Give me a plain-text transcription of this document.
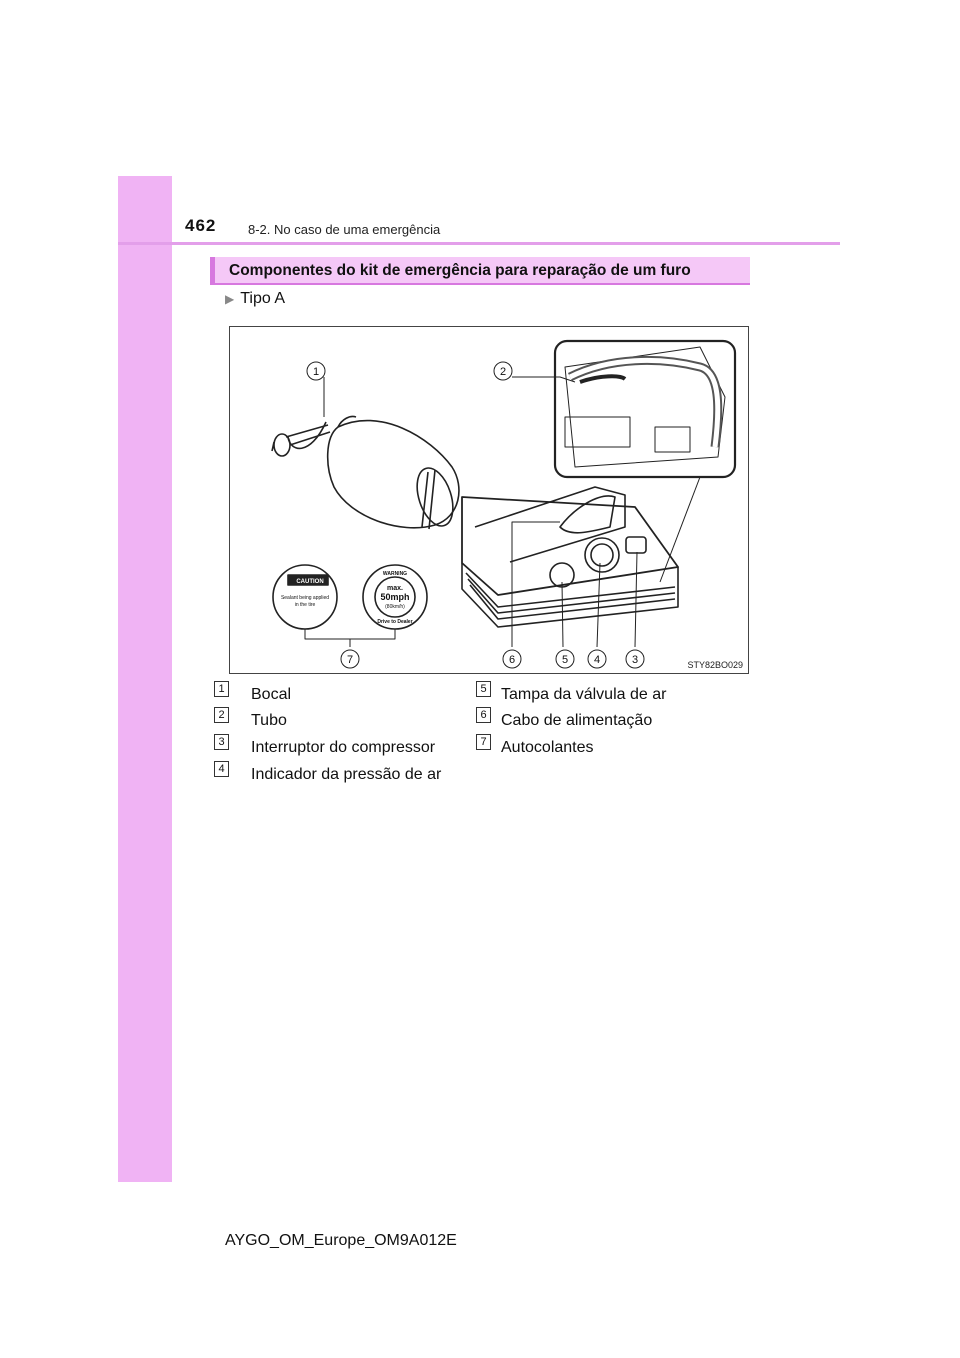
462 8-2. No caso de uma emergência
Componentes do kit de emergência para reparação de um furo
▶ Tipo A
1	2
3
4
5
6
7
CAUTION
Sealant being applied
in the tire
WARNING
max.
50mph
(80km/h)
Drive to Dealer
STY82BO029
1 Bocal
2 Tubo
3 Interruptor do compressor
4 Indicador da pressão de ar
5 Tampa da válvula de ar
6 Cabo de alimentação
7 Autocolantes
AYGO_OM_Europe_OM9A012E
